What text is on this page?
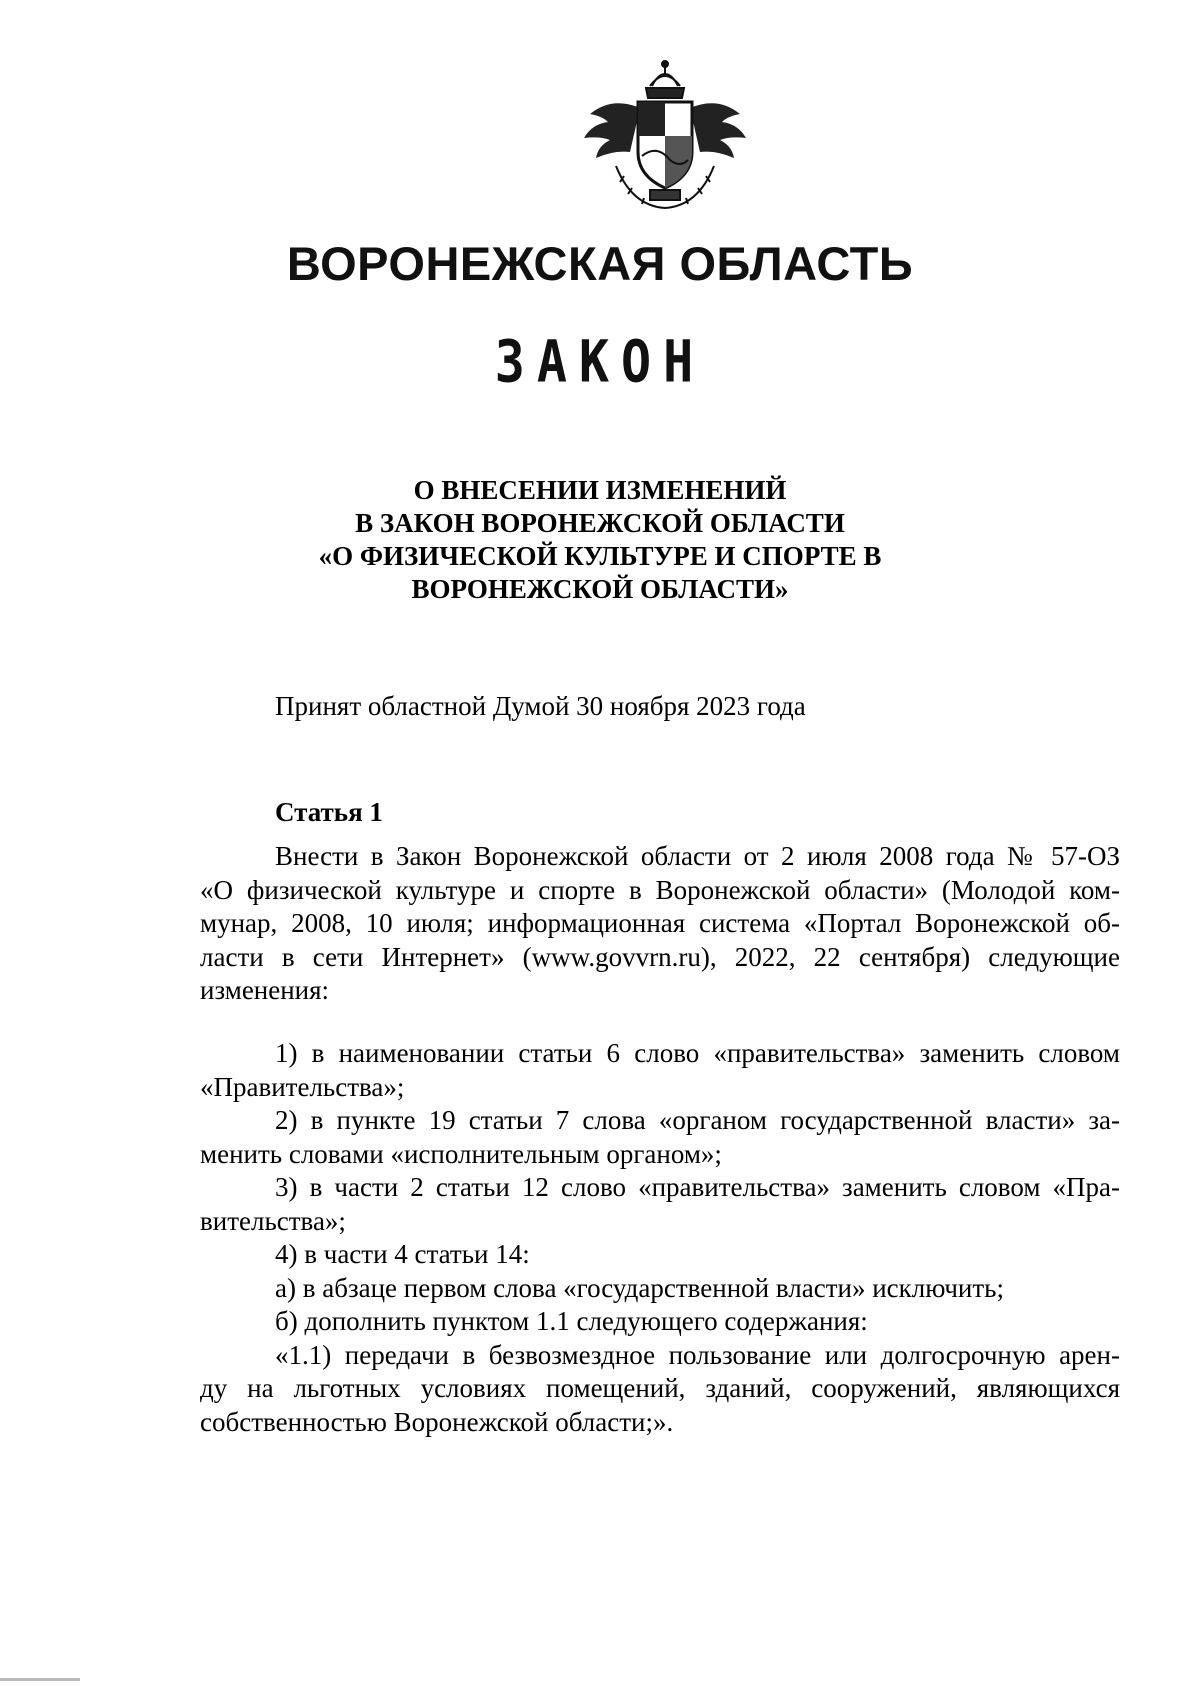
ВОРОНЕЖСКАЯ ОБЛАСТЬ
ЗАКОН
О ВНЕСЕНИИ ИЗМЕНЕНИЙ
В ЗАКОН ВОРОНЕЖСКОЙ ОБЛАСТИ
«О ФИЗИЧЕСКОЙ КУЛЬТУРЕ И СПОРТЕ В
ВОРОНЕЖСКОЙ ОБЛАСТИ»
Принят областной Думой 30 ноября 2023 года
Статья 1
Внести в Закон Воронежской области от 2 июля 2008 года № 57-ОЗ
«О физической культуре и спорте в Воронежской области» (Молодой ком-
мунар, 2008, 10 июля; информационная система «Портал Воронежской об-
ласти в сети Интернет» (www.govvrn.ru), 2022, 22 сентября) следующие
изменения:
1) в наименовании статьи 6 слово «правительства» заменить словом
«Правительства»;
2) в пункте 19 статьи 7 слова «органом государственной власти» за-
менить словами «исполнительным органом»;
3) в части 2 статьи 12 слово «правительства» заменить словом «Пра-
вительства»;
4) в части 4 статьи 14:
а) в абзаце первом слова «государственной власти» исключить;
б) дополнить пунктом 1.1 следующего содержания:
«1.1) передачи в безвозмездное пользование или долгосрочную арен-
ду на льготных условиях помещений, зданий, сооружений, являющихся
собственностью Воронежской области;».
